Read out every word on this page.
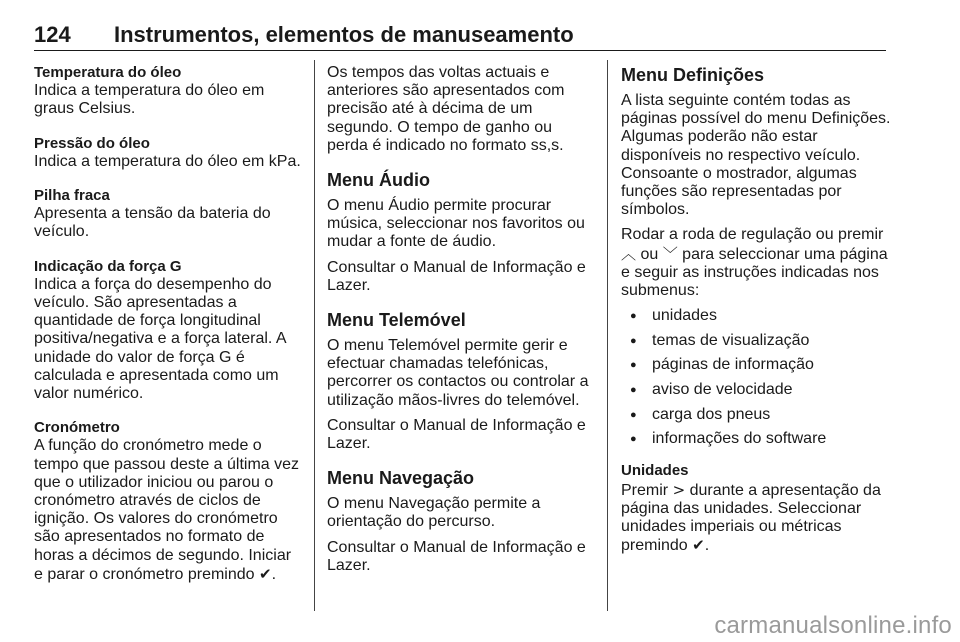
124 Instrumentos, elementos de manuseamento
Temperatura do óleo
Indica a temperatura do óleo em graus Celsius.
Pressão do óleo
Indica a temperatura do óleo em kPa.
Pilha fraca
Apresenta a tensão da bateria do veículo.
Indicação da força G
Indica a força do desempenho do veículo. São apresentadas a quantidade de força longitudinal positiva/negativa e a força lateral. A unidade do valor de força G é calculada e apresentada como um valor numérico.
Cronómetro
A função do cronómetro mede o tempo que passou deste a última vez que o utilizador iniciou ou parou o cronómetro através de ciclos de ignição. Os valores do cronómetro são apresentados no formato de horas a décimos de segundo. Iniciar e parar o cronómetro premindo ✔.

Os tempos das voltas actuais e anteriores são apresentados com precisão até à décima de um segundo. O tempo de ganho ou perda é indicado no formato ss,s.

Menu Áudio

O menu Áudio permite procurar música, seleccionar nos favoritos ou mudar a fonte de áudio.

Consultar o Manual de Informação e Lazer.

Menu Telemóvel

O menu Telemóvel permite gerir e efectuar chamadas telefónicas, percorrer os contactos ou controlar a utilização mãos-livres do telemóvel.

Consultar o Manual de Informação e Lazer.

Menu Navegação

O menu Navegação permite a orientação do percurso.

Consultar o Manual de Informação e Lazer.

Menu Definições

A lista seguinte contém todas as páginas possível do menu Definições. Algumas poderão não estar disponíveis no respectivo veículo. Consoante o mostrador, algumas funções são representadas por símbolos.

Rodar a roda de regulação ou premir ︿ ou ﹀ para seleccionar uma página e seguir as instruções indicadas nos submenus:

● unidades
● temas de visualização
● páginas de informação
● aviso de velocidade
● carga dos pneus
● informações do software
Unidades
Premir > durante a apresentação da página das unidades. Seleccionar unidades imperiais ou métricas premindo ✔.
carmanualsonline.info
